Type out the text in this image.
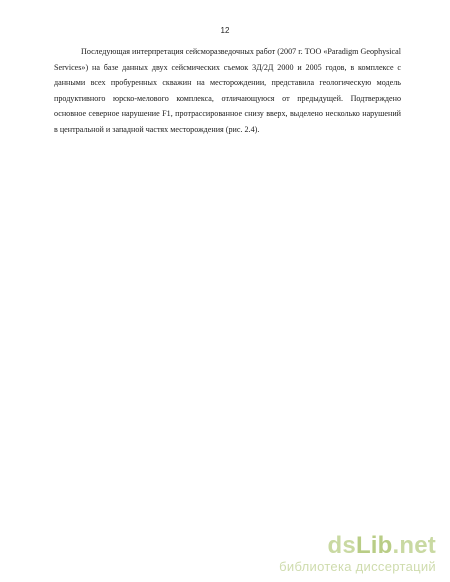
12

Последующая интерпретация сейсморазведочных работ (2007 г. ТОО «Paradigm Geophysical Services») на базе данных двух сейсмических съемок 3Д/2Д 2000 и 2005 годов, в комплексе с данными всех пробуренных скважин на месторождении, представила геологическую модель продуктивного юрско-мелового комплекса, отличающуюся от предыдущей. Подтверждено основное северное нарушение F1, протрассированное снизу вверх, выделено несколько нарушений в центральной и западной частях месторождения (рис. 2.4).

dsLib.net
библиотека диссертаций
